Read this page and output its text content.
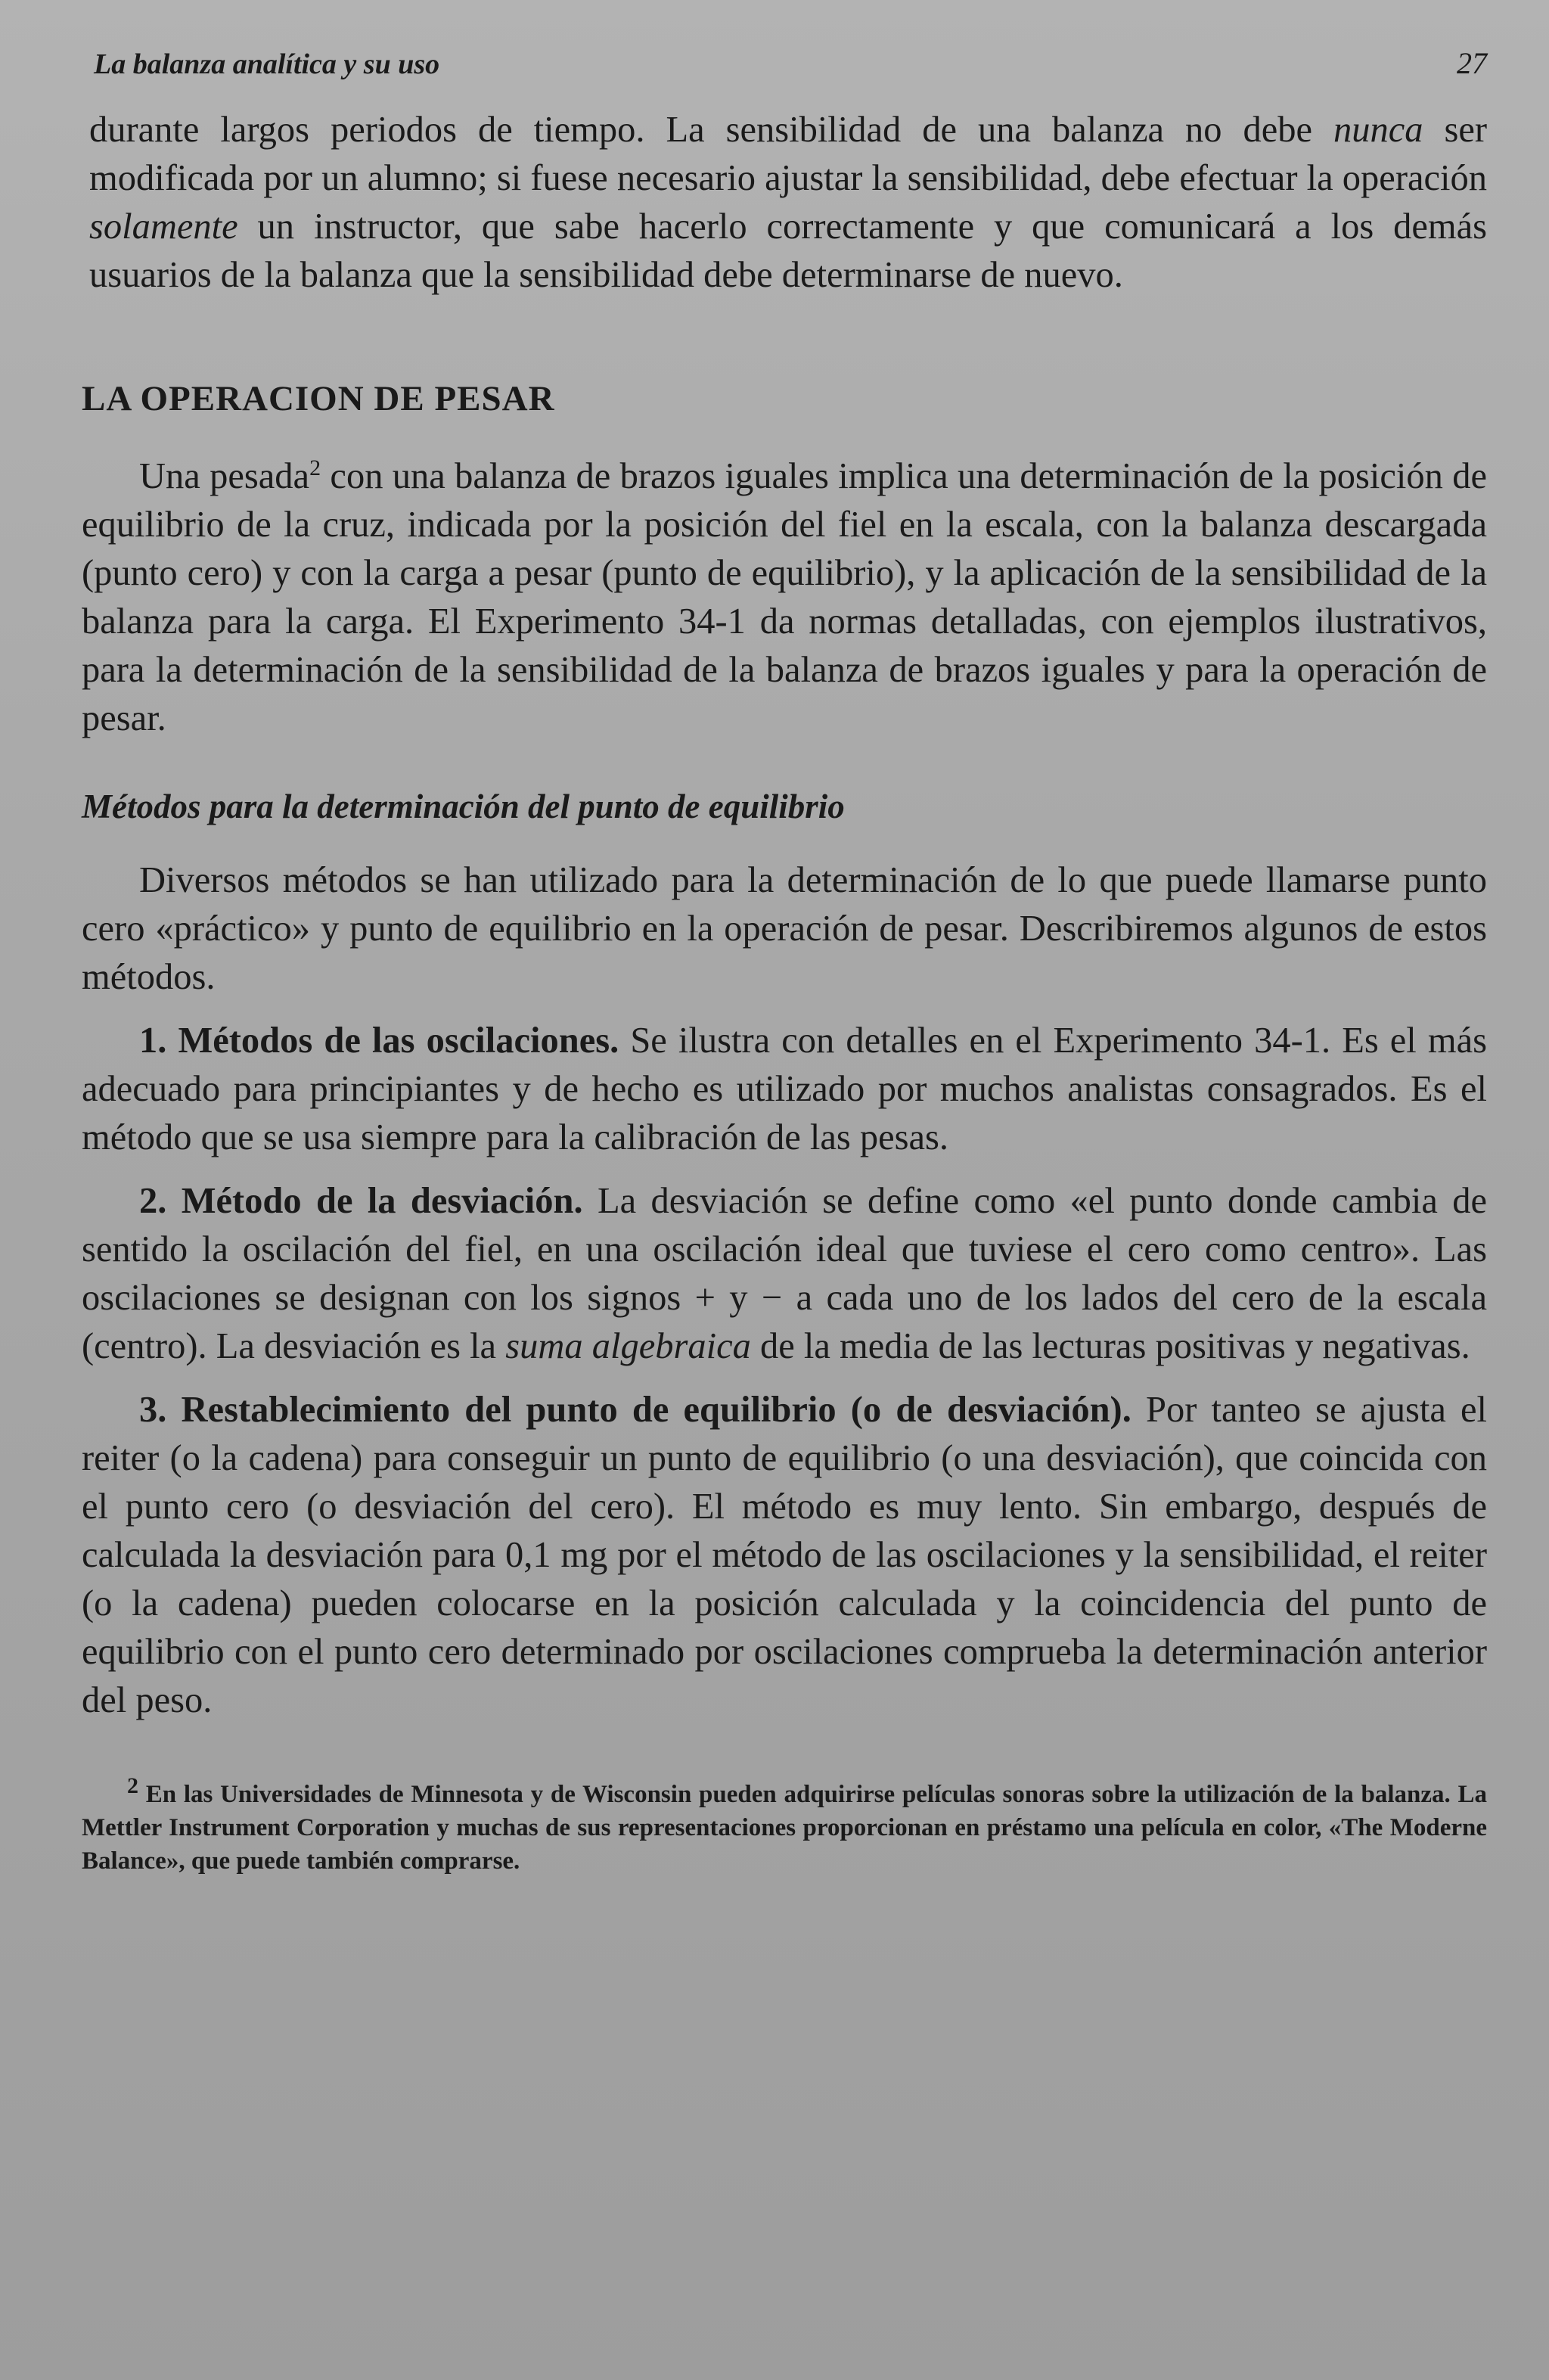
La balanza analítica y su uso	27

durante largos periodos de tiempo. La sensibilidad de una balanza no debe nunca ser modificada por un alumno; si fuese necesario ajustar la sensibilidad, debe efectuar la operación solamente un instructor, que sabe hacerlo correctamente y que comunicará a los demás usuarios de la balanza que la sensibilidad debe determinarse de nuevo.

LA OPERACION DE PESAR

Una pesada$^2$ con una balanza de brazos iguales implica una determinación de la posición de equilibrio de la cruz, indicada por la posición del fiel en la escala, con la balanza descargada (punto cero) y con la carga a pesar (punto de equilibrio), y la aplicación de la sensibilidad de la balanza para la carga. El Experimento 34-1 da normas detalladas, con ejemplos ilustrativos, para la determinación de la sensibilidad de la balanza de brazos iguales y para la operación de pesar.

Métodos para la determinación del punto de equilibrio

Diversos métodos se han utilizado para la determinación de lo que puede llamarse punto cero «práctico» y punto de equilibrio en la operación de pesar. Describiremos algunos de estos métodos.

1. Métodos de las oscilaciones. Se ilustra con detalles en el Experimento 34-1. Es el más adecuado para principiantes y de hecho es utilizado por muchos analistas consagrados. Es el método que se usa siempre para la calibración de las pesas.

2. Método de la desviación. La desviación se define como «el punto donde cambia de sentido la oscilación del fiel, en una oscilación ideal que tuviese el cero como centro». Las oscilaciones se designan con los signos + y − a cada uno de los lados del cero de la escala (centro). La desviación es la suma algebraica de la media de las lecturas positivas y negativas.

3. Restablecimiento del punto de equilibrio (o de desviación). Por tanteo se ajusta el reiter (o la cadena) para conseguir un punto de equilibrio (o una desviación), que coincida con el punto cero (o desviación del cero). El método es muy lento. Sin embargo, después de calculada la desviación para 0,1 mg por el método de las oscilaciones y la sensibilidad, el reiter (o la cadena) pueden colocarse en la posición calculada y la coincidencia del punto de equilibrio con el punto cero determinado por oscilaciones comprueba la determinación anterior del peso.

$^2$ En las Universidades de Minnesota y de Wisconsin pueden adquirirse películas sonoras sobre la utilización de la balanza. La Mettler Instrument Corporation y muchas de sus representaciones proporcionan en préstamo una película en color, «The Moderne Balance», que puede también comprarse.
